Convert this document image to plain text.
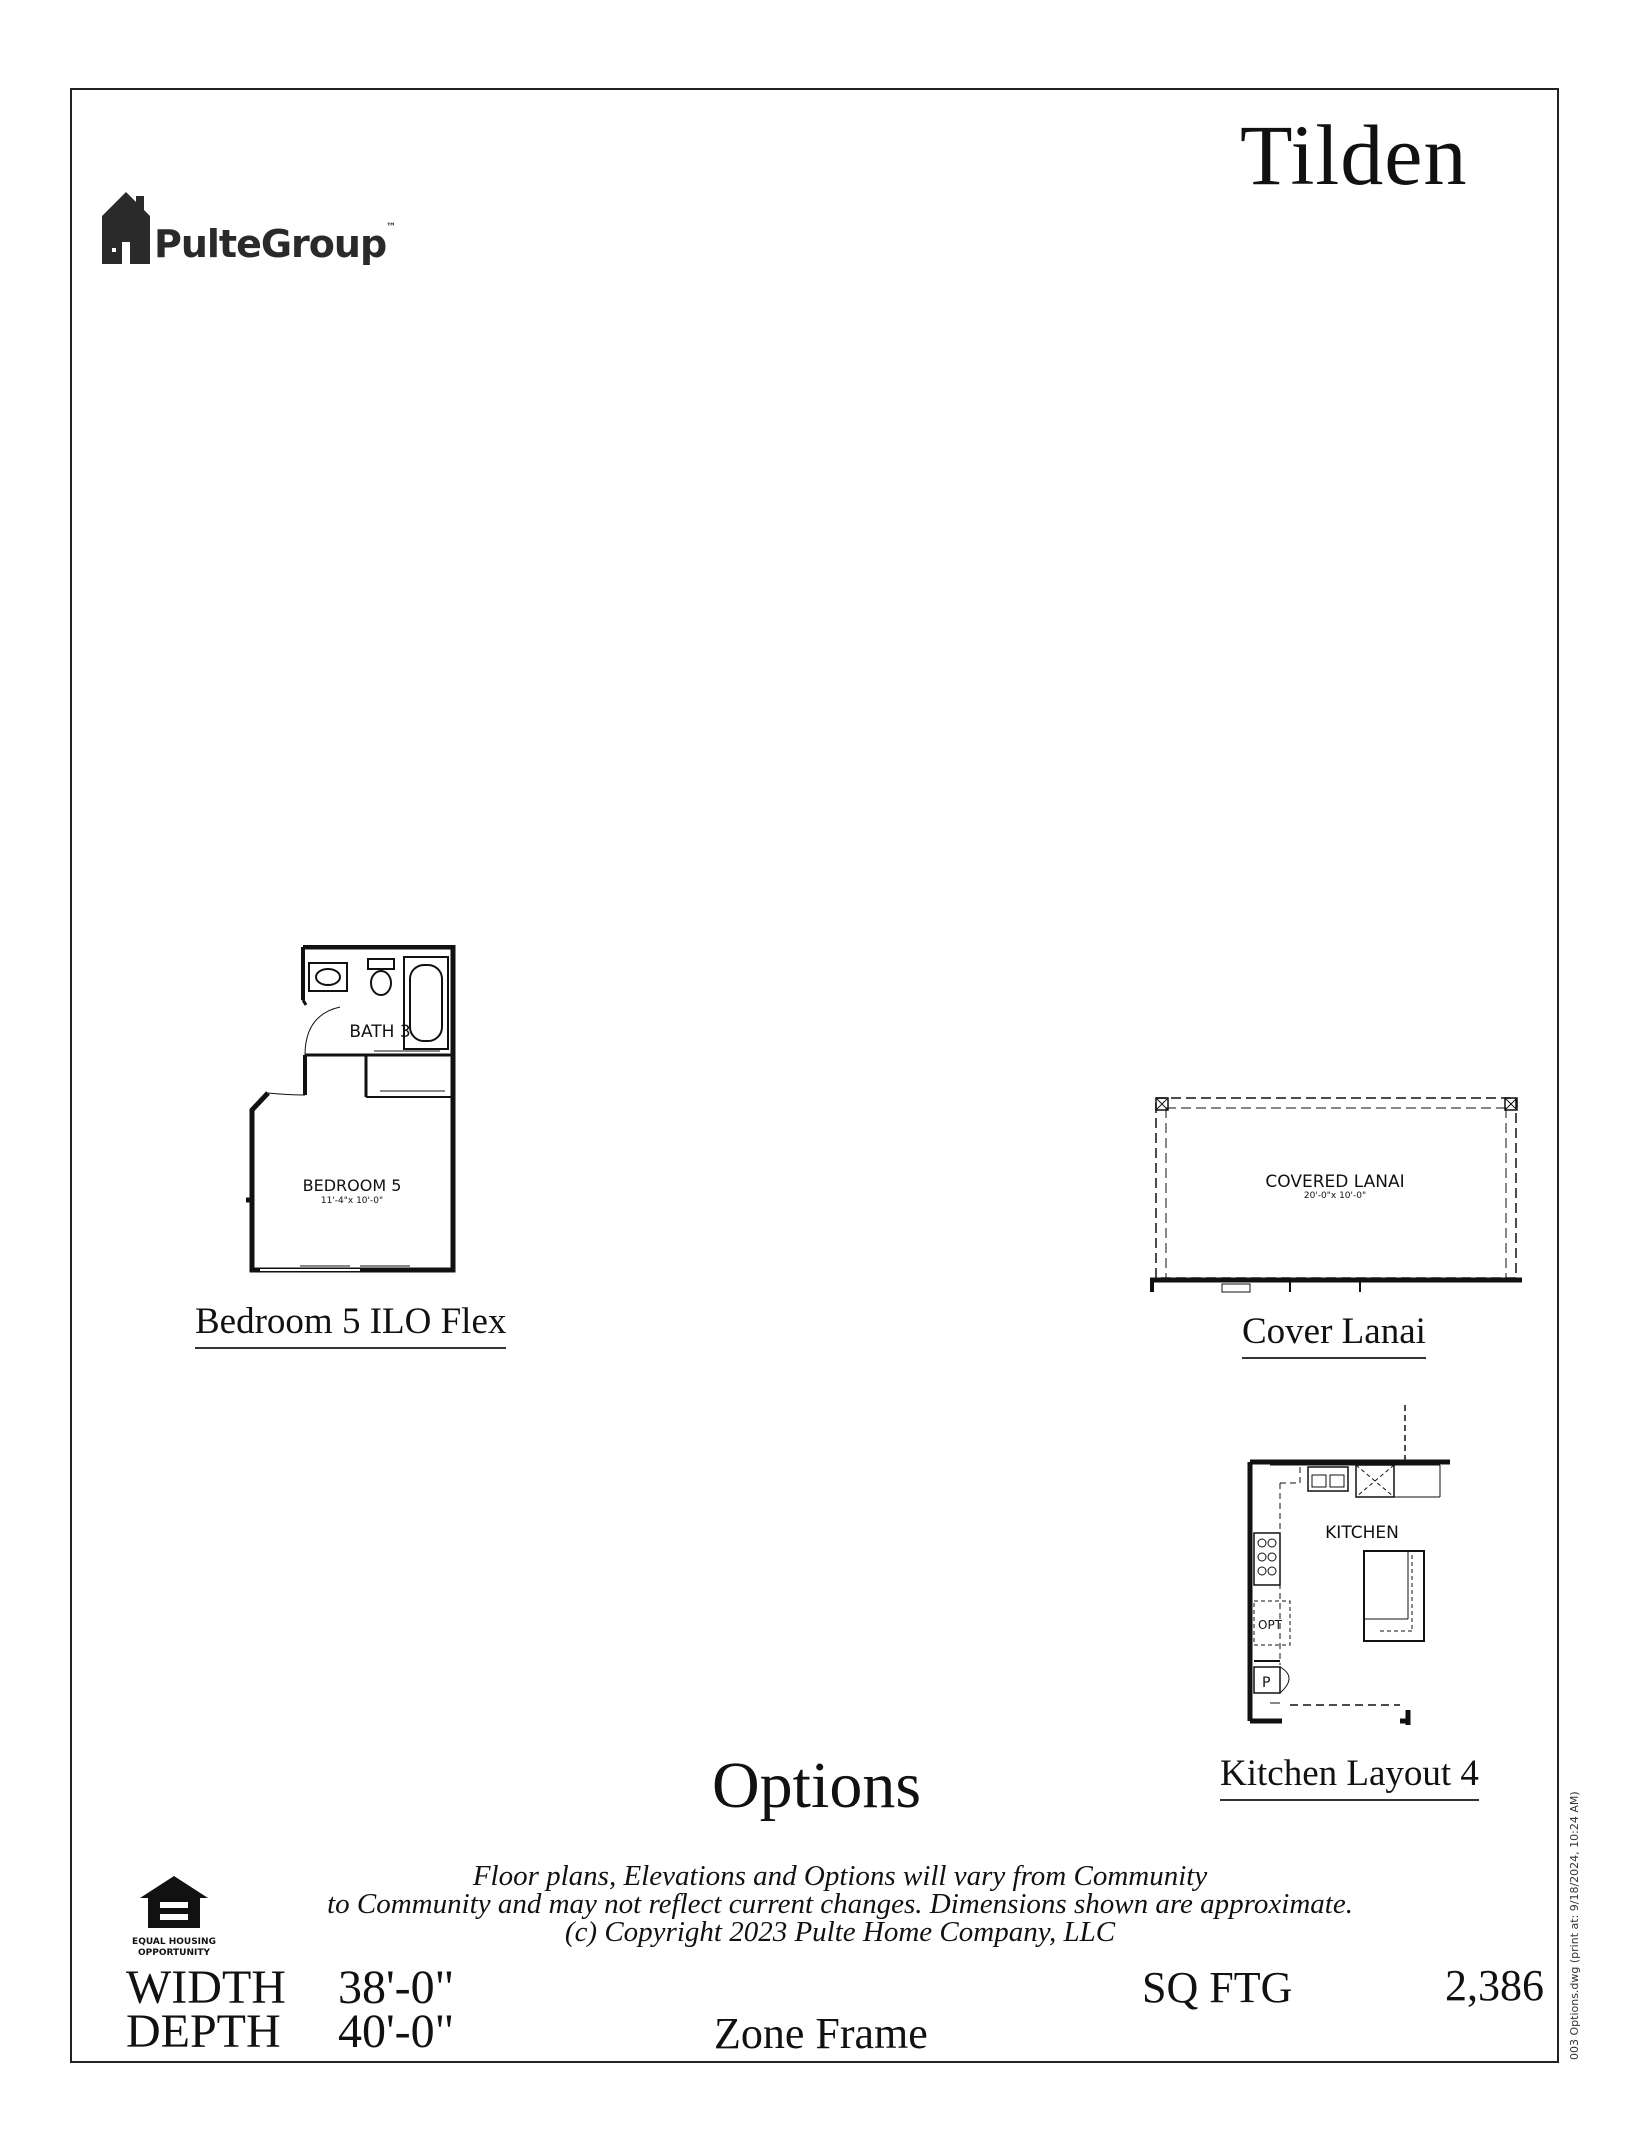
Tilden
PulteGroup™
BATH 3
BEDROOM 5
11'-4"x 10'-0"
Bedroom 5 ILO Flex
COVERED LANAI
20'-0"x 10'-0"
Cover Lanai
KITCHEN
OPT
P
Kitchen Layout 4
Options
Floor plans, Elevations and Options will vary from Community
to Community and may not reflect current changes. Dimensions shown are approximate.
(c) Copyright 2023 Pulte Home Company, LLC
EQUAL HOUSING
OPPORTUNITY
WIDTH 38'-0"
DEPTH 40'-0"	Zone Frame
SQ FTG	2,386 003 Options.dwg (print at: 9/18/2024, 10:24 AM)
